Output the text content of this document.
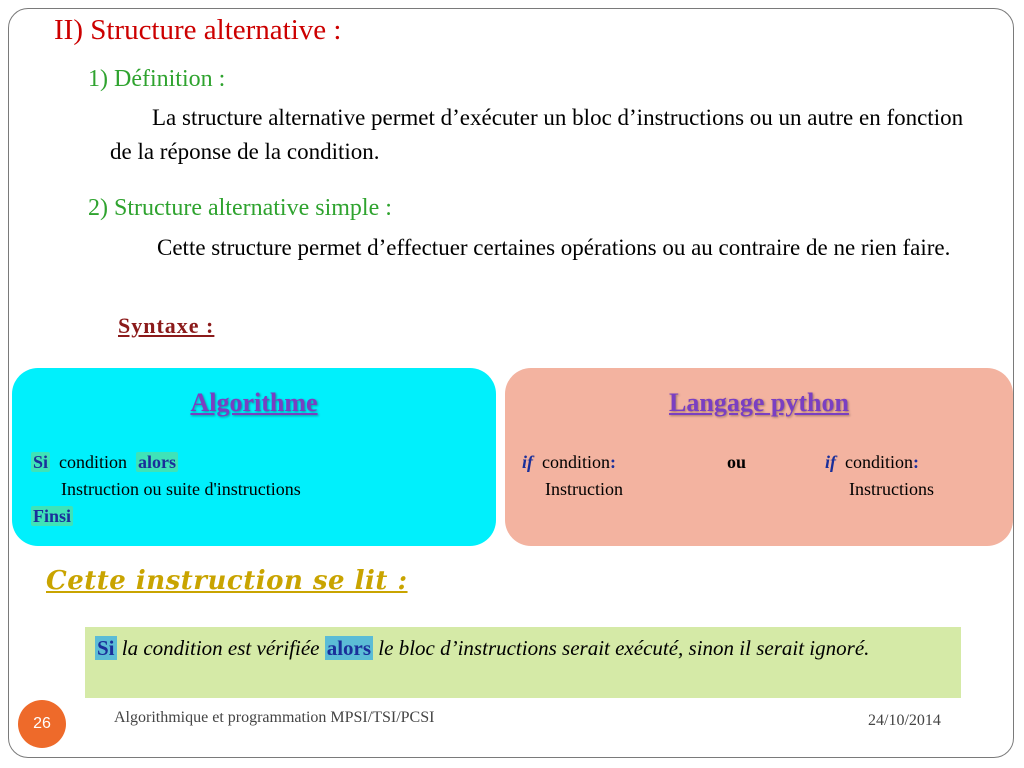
II) Structure alternative :
1) Définition :
La structure alternative permet d’exécuter un bloc d’instructions ou un autre en fonction de la réponse de la condition.
2) Structure alternative simple :
Cette structure permet d’effectuer certaines opérations ou au contraire de ne rien faire.
Syntaxe :
Algorithme
Si condition alors
Instruction ou suite d'instructions
Finsi
Langage python
if condition:	ou	if condition:
Instruction	Instructions
Cette instruction se lit :
Si la condition est vérifiée alors le bloc d’instructions serait exécuté, sinon il serait ignoré.
26	Algorithmique et programmation MPSI/TSI/PCSI	24/10/2014
